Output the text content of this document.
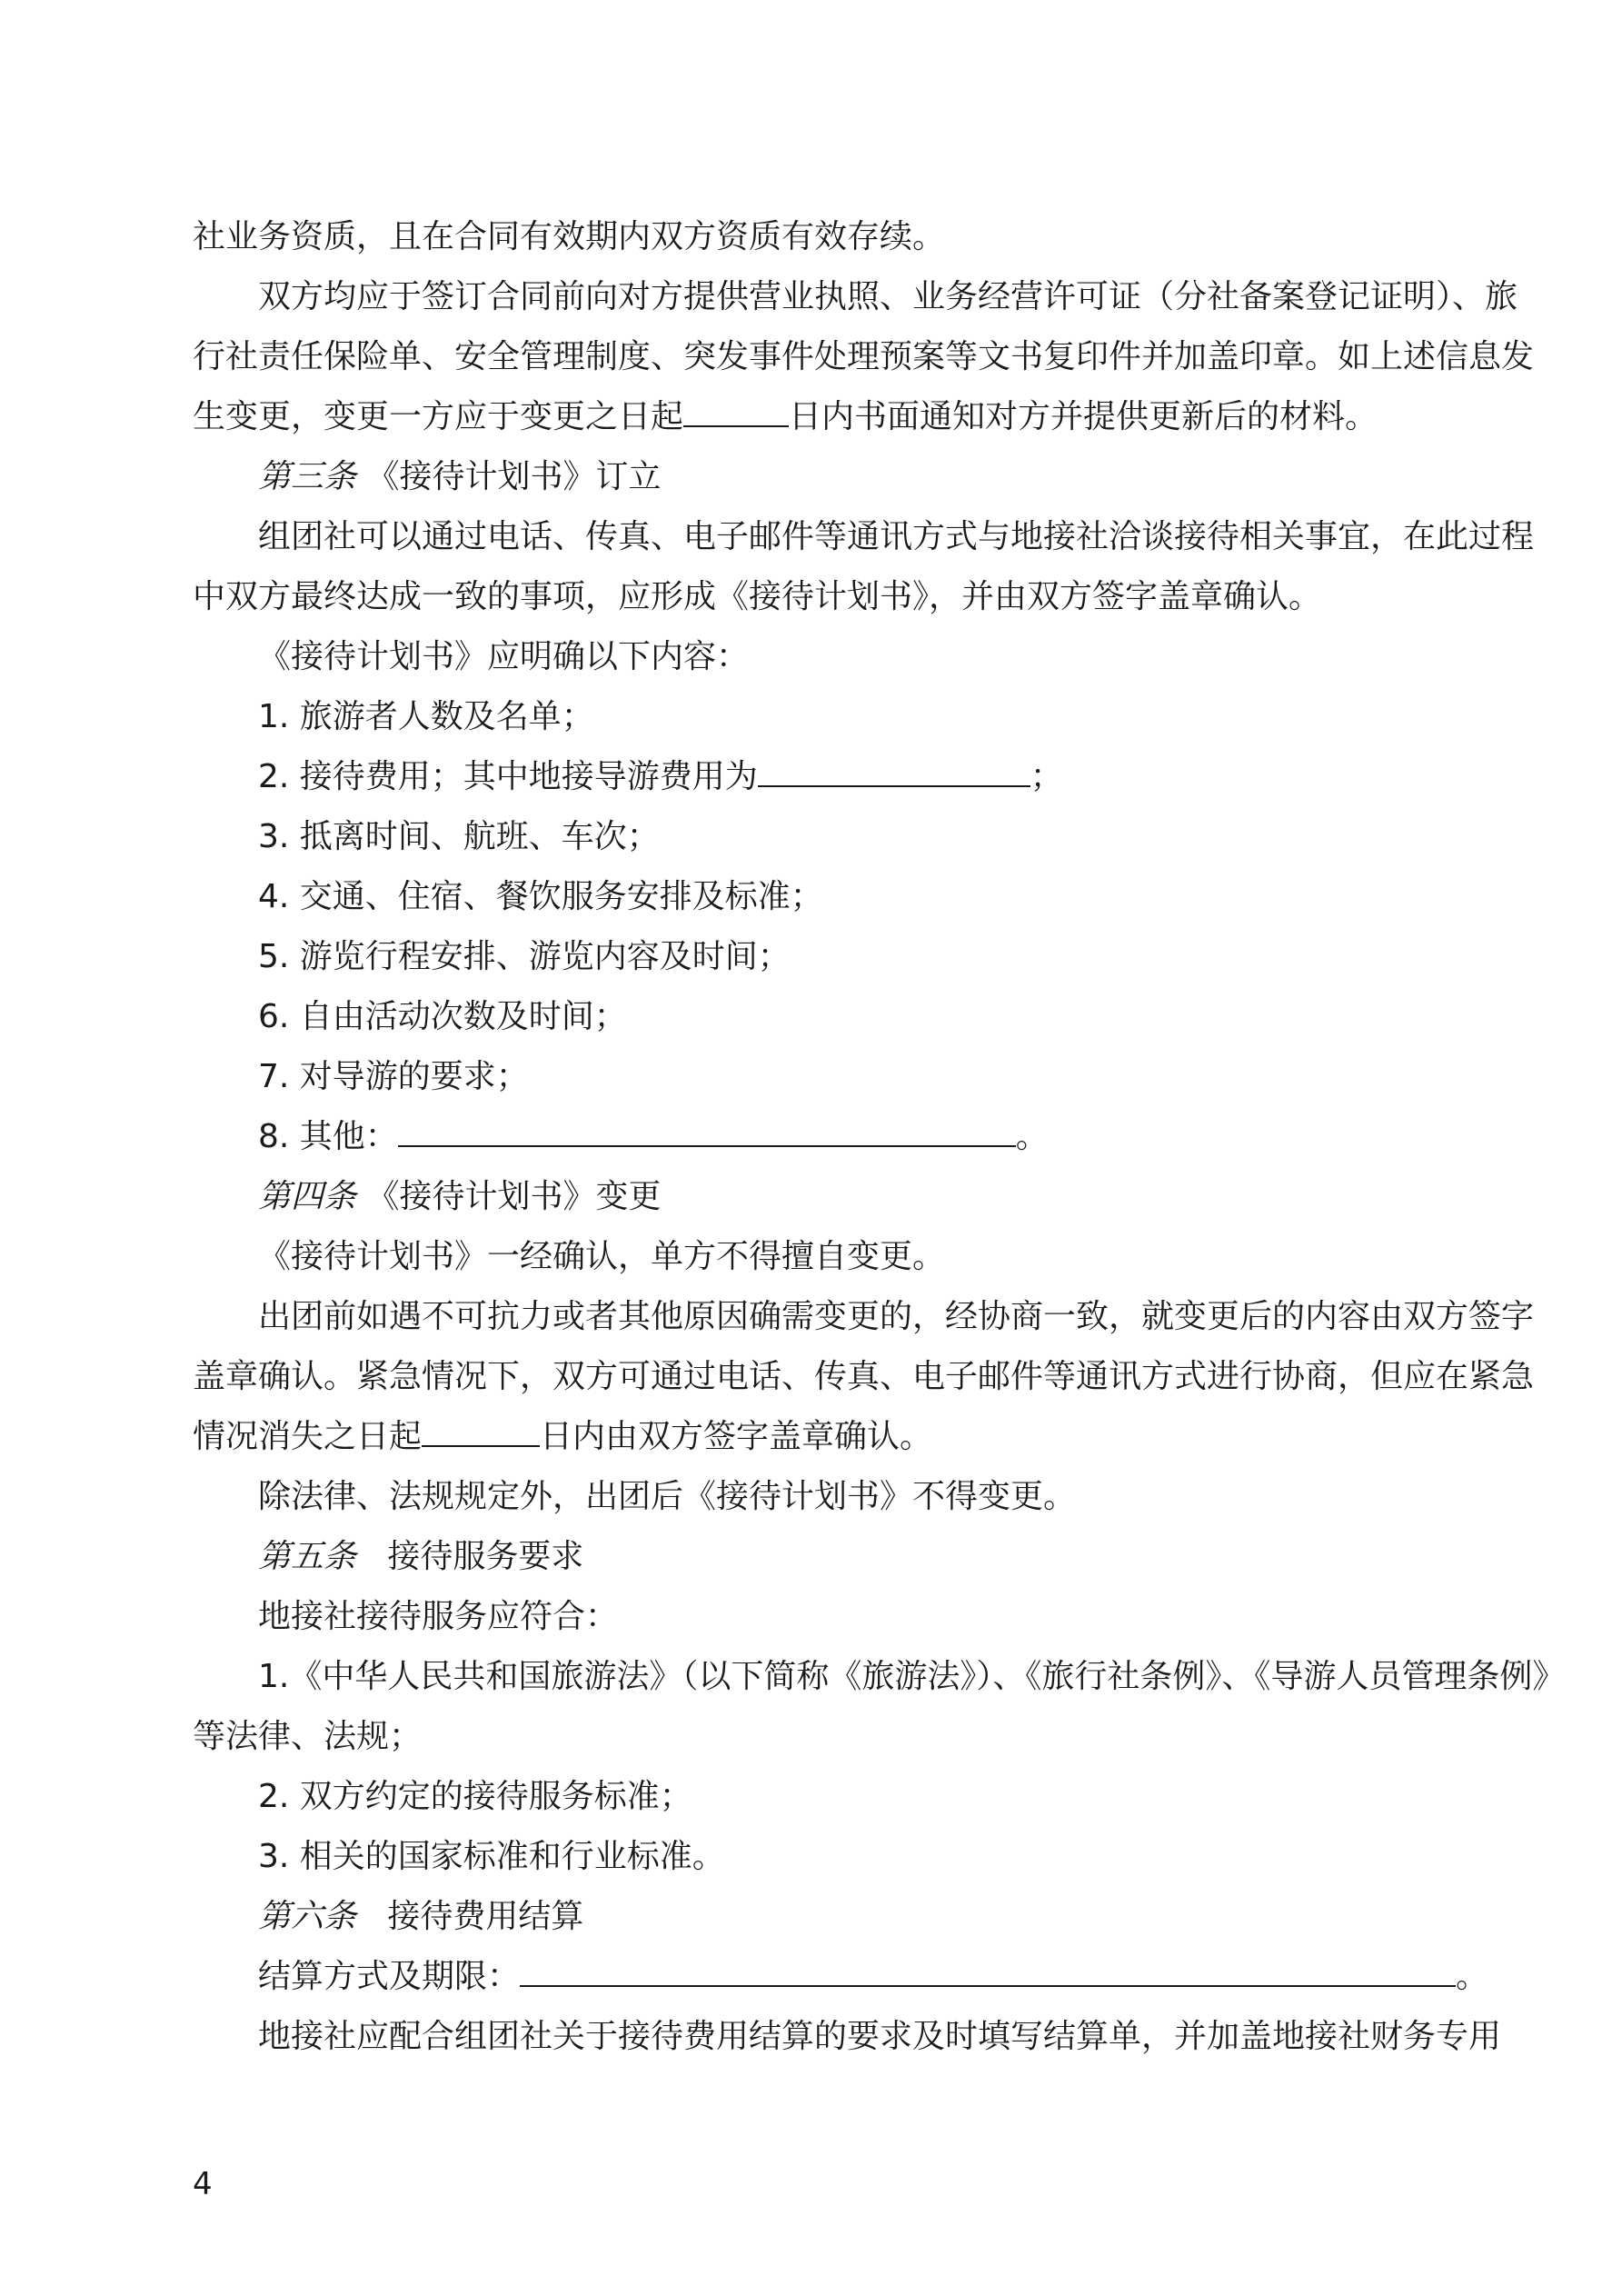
社业务资质，且在合同有效期内双方资质有效存续。

双方均应于签订合同前向对方提供营业执照、业务经营许可证（分社备案登记证明）、旅

行社责任保险单、安全管理制度、突发事件处理预案等文书复印件并加盖印章。如上述信息发

生变更，变更一方应于变更之日起	日内书面通知对方并提供更新后的材料。

第三条 《接待计划书》订立

组团社可以通过电话、传真、电子邮件等通讯方式与地接社洽谈接待相关事宜，在此过程

中双方最终达成一致的事项，应形成《接待计划书》，并由双方签字盖章确认。

《接待计划书》应明确以下内容：

1. 旅游者人数及名单；

2. 接待费用；其中地接导游费用为	；

3. 抵离时间、航班、车次；

4. 交通、住宿、餐饮服务安排及标准；

5. 游览行程安排、游览内容及时间；

6. 自由活动次数及时间；

7. 对导游的要求；

8. 其他：	。

第四条 《接待计划书》变更

《接待计划书》一经确认，单方不得擅自变更。

出团前如遇不可抗力或者其他原因确需变更的，经协商一致，就变更后的内容由双方签字

盖章确认。紧急情况下，双方可通过电话、传真、电子邮件等通讯方式进行协商，但应在紧急

情况消失之日起	日内由双方签字盖章确认。

除法律、法规规定外，出团后《接待计划书》不得变更。

第五条 接待服务要求

地接社接待服务应符合：

1.《中华人民共和国旅游法》（以下简称《旅游法》）、《旅行社条例》、《导游人员管理条例》

等法律、法规；

2. 双方约定的接待服务标准；

3. 相关的国家标准和行业标准。

第六条 接待费用结算

结算方式及期限：	。

地接社应配合组团社关于接待费用结算的要求及时填写结算单，并加盖地接社财务专用

4
